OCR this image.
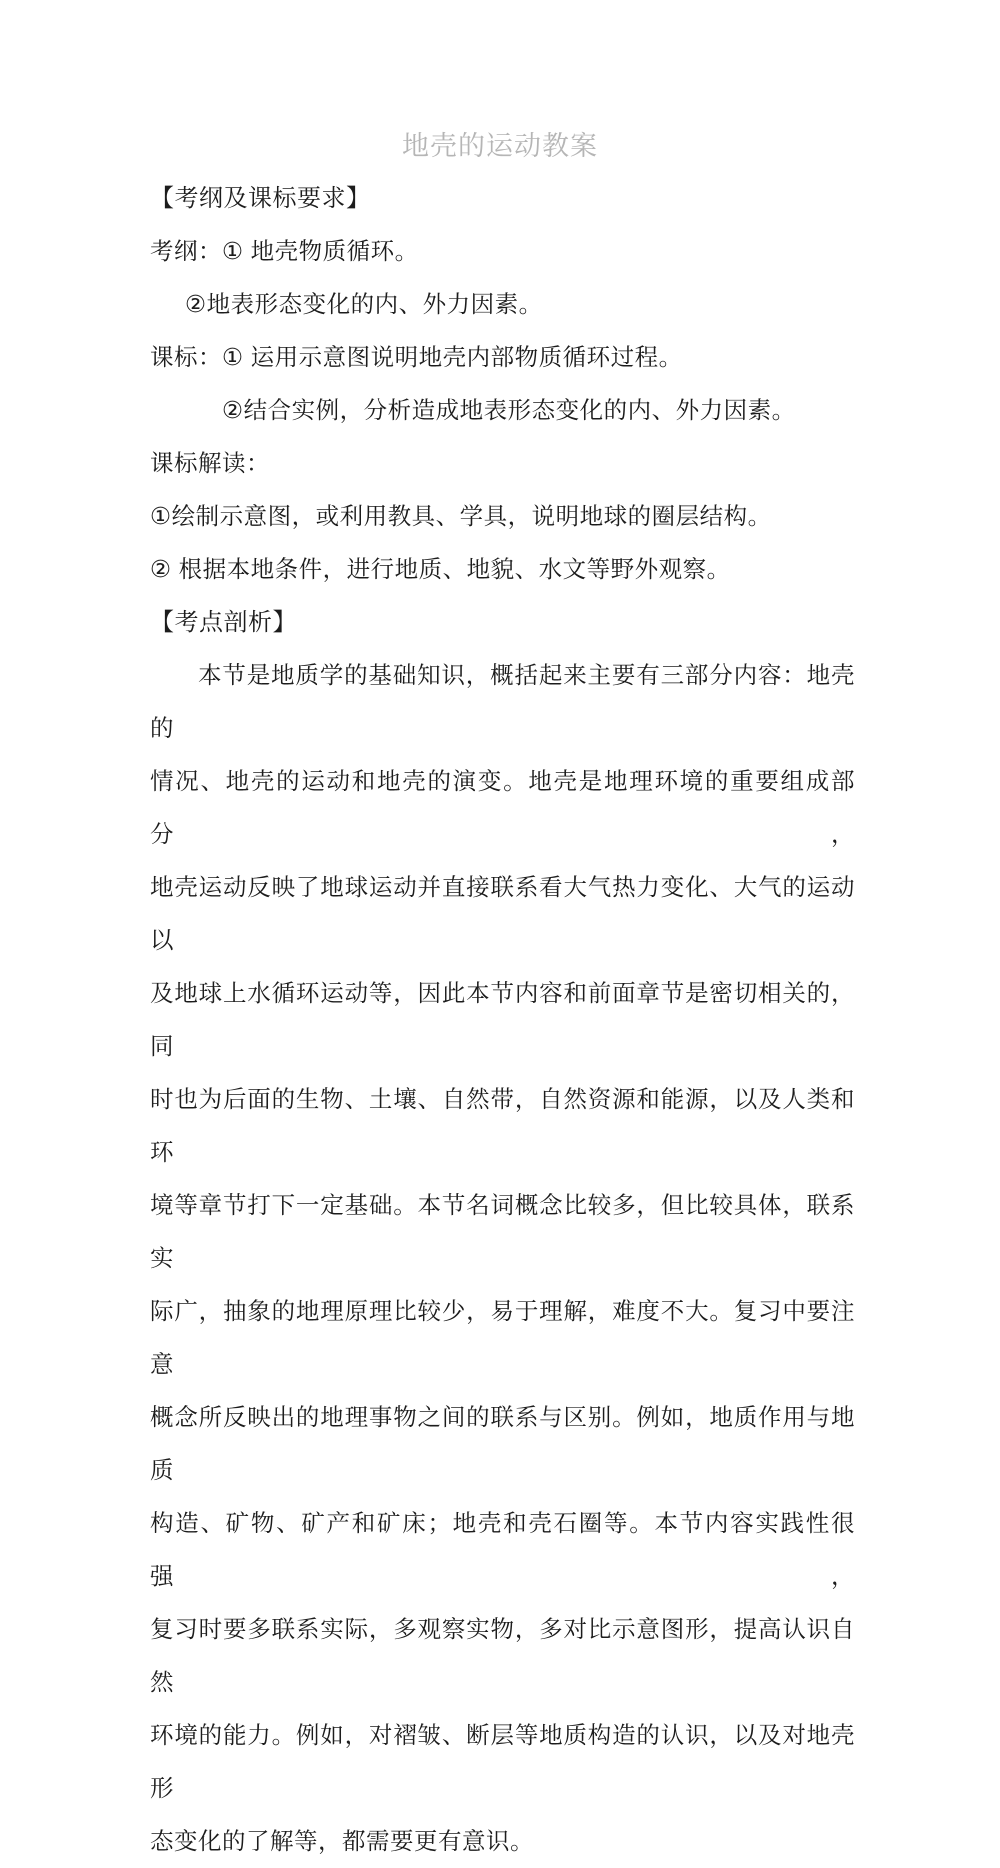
地壳的运动教案
【考纲及课标要求】
考纲：① 地壳物质循环。
②地表形态变化的内、外力因素。
课标：① 运用示意图说明地壳内部物质循环过程。
②结合实例，分析造成地表形态变化的内、外力因素。
课标解读：
①绘制示意图，或利用教具、学具，说明地球的圈层结构。
② 根据本地条件，进行地质、地貌、水文等野外观察。
【考点剖析】
本节是地质学的基础知识，概括起来主要有三部分内容：地壳的
情况、地壳的运动和地壳的演变。地壳是地理环境的重要组成部分，
地壳运动反映了地球运动并直接联系看大气热力变化、大气的运动以
及地球上水循环运动等，因此本节内容和前面章节是密切相关的，同
时也为后面的生物、土壤、自然带，自然资源和能源，以及人类和环
境等章节打下一定基础。本节名词概念比较多，但比较具体，联系实
际广，抽象的地理原理比较少，易于理解，难度不大。复习中要注意
概念所反映出的地理事物之间的联系与区别。例如，地质作用与地质
构造、矿物、矿产和矿床；地壳和壳石圈等。本节内容实践性很强，
复习时要多联系实际，多观察实物，多对比示意图形，提高认识自然
环境的能力。例如，对褶皱、断层等地质构造的认识，以及对地壳形
态变化的了解等，都需要更有意识。
